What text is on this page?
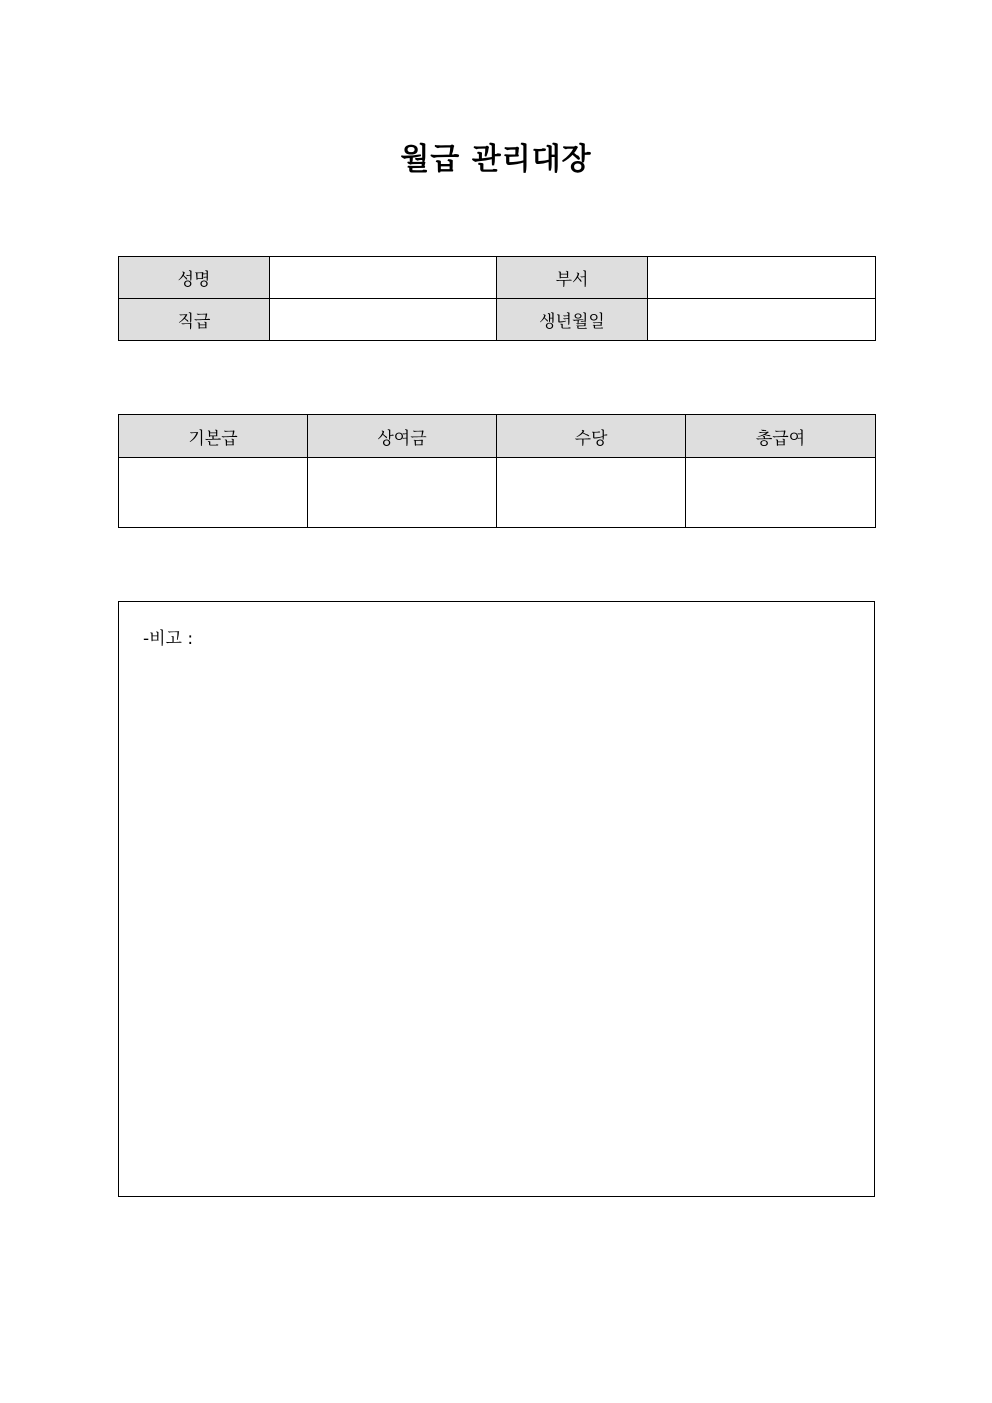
월급 관리대장
성명		부서	
직급		생년월일	
기본급	상여금	수당	총급여

-비고 :
